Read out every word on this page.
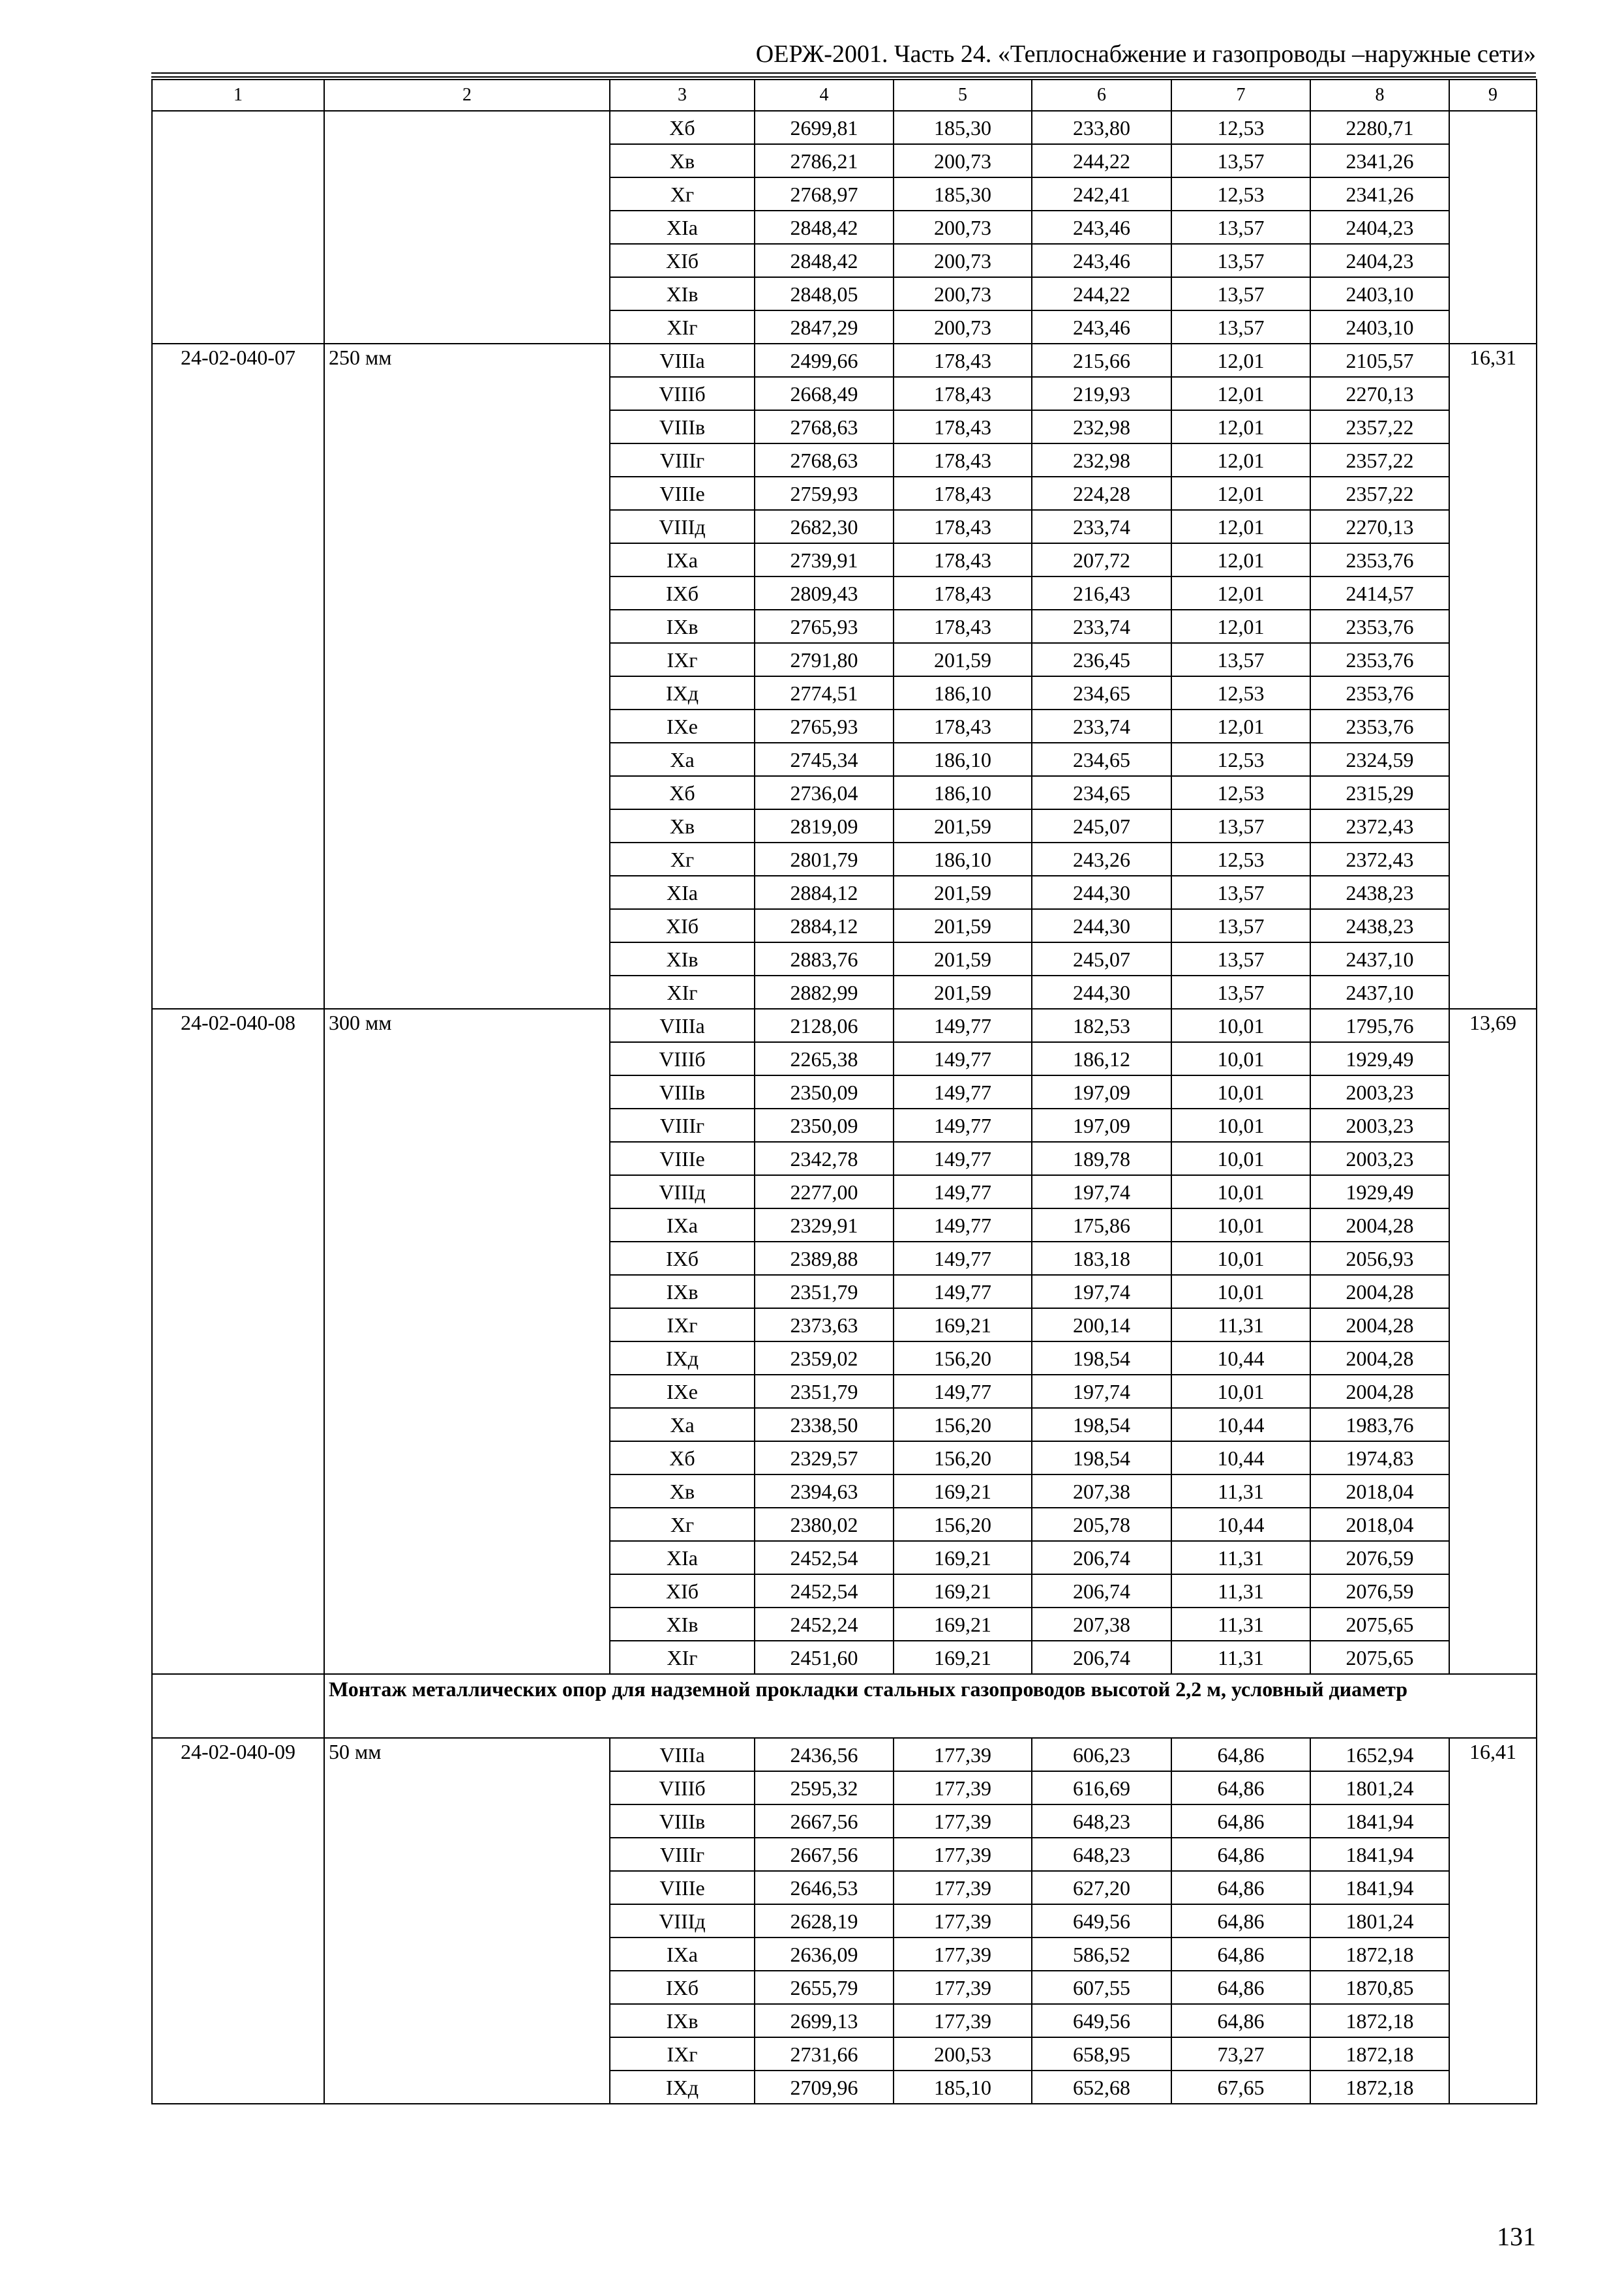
ОЕРЖ-2001. Часть 24. «Теплоснабжение и газопроводы –наружные сети»
1	2	3	4	5	6	7	8	9
		Хб	2699,81	185,30	233,80	12,53	2280,71	
		Хв	2786,21	200,73	244,22	13,57	2341,26	
		Хг	2768,97	185,30	242,41	12,53	2341,26	
		XIа	2848,42	200,73	243,46	13,57	2404,23	
		XIб	2848,42	200,73	243,46	13,57	2404,23	
		XIв	2848,05	200,73	244,22	13,57	2403,10	
		XIг	2847,29	200,73	243,46	13,57	2403,10	
24-02-040-07	250 мм	VIIIа	2499,66	178,43	215,66	12,01	2105,57	16,31
		VIIIб	2668,49	178,43	219,93	12,01	2270,13	
		VIIIв	2768,63	178,43	232,98	12,01	2357,22	
		VIIIг	2768,63	178,43	232,98	12,01	2357,22	
		VIIIе	2759,93	178,43	224,28	12,01	2357,22	
		VIIIд	2682,30	178,43	233,74	12,01	2270,13	
		IXа	2739,91	178,43	207,72	12,01	2353,76	
		IXб	2809,43	178,43	216,43	12,01	2414,57	
		IXв	2765,93	178,43	233,74	12,01	2353,76	
		IXг	2791,80	201,59	236,45	13,57	2353,76	
		IXд	2774,51	186,10	234,65	12,53	2353,76	
		IXе	2765,93	178,43	233,74	12,01	2353,76	
		Ха	2745,34	186,10	234,65	12,53	2324,59	
		Хб	2736,04	186,10	234,65	12,53	2315,29	
		Хв	2819,09	201,59	245,07	13,57	2372,43	
		Хг	2801,79	186,10	243,26	12,53	2372,43	
		XIа	2884,12	201,59	244,30	13,57	2438,23	
		XIб	2884,12	201,59	244,30	13,57	2438,23	
		XIв	2883,76	201,59	245,07	13,57	2437,10	
		XIг	2882,99	201,59	244,30	13,57	2437,10	
24-02-040-08	300 мм	VIIIа	2128,06	149,77	182,53	10,01	1795,76	13,69
		VIIIб	2265,38	149,77	186,12	10,01	1929,49	
		VIIIв	2350,09	149,77	197,09	10,01	2003,23	
		VIIIг	2350,09	149,77	197,09	10,01	2003,23	
		VIIIе	2342,78	149,77	189,78	10,01	2003,23	
		VIIIд	2277,00	149,77	197,74	10,01	1929,49	
		IXа	2329,91	149,77	175,86	10,01	2004,28	
		IXб	2389,88	149,77	183,18	10,01	2056,93	
		IXв	2351,79	149,77	197,74	10,01	2004,28	
		IXг	2373,63	169,21	200,14	11,31	2004,28	
		IXд	2359,02	156,20	198,54	10,44	2004,28	
		IXе	2351,79	149,77	197,74	10,01	2004,28	
		Ха	2338,50	156,20	198,54	10,44	1983,76	
		Хб	2329,57	156,20	198,54	10,44	1974,83	
		Хв	2394,63	169,21	207,38	11,31	2018,04	
		Хг	2380,02	156,20	205,78	10,44	2018,04	
		XIа	2452,54	169,21	206,74	11,31	2076,59	
		XIб	2452,54	169,21	206,74	11,31	2076,59	
		XIв	2452,24	169,21	207,38	11,31	2075,65	
		XIг	2451,60	169,21	206,74	11,31	2075,65	
	Монтаж металлических опор для надземной прокладки стальных газопроводов высотой 2,2 м, условный диаметр							
24-02-040-09	50 мм	VIIIа	2436,56	177,39	606,23	64,86	1652,94	16,41
		VIIIб	2595,32	177,39	616,69	64,86	1801,24	
		VIIIв	2667,56	177,39	648,23	64,86	1841,94	
		VIIIг	2667,56	177,39	648,23	64,86	1841,94	
		VIIIе	2646,53	177,39	627,20	64,86	1841,94	
		VIIIд	2628,19	177,39	649,56	64,86	1801,24	
		IXа	2636,09	177,39	586,52	64,86	1872,18	
		IXб	2655,79	177,39	607,55	64,86	1870,85	
		IXв	2699,13	177,39	649,56	64,86	1872,18	
		IXг	2731,66	200,53	658,95	73,27	1872,18	
		IXд	2709,96	185,10	652,68	67,65	1872,18	
131
